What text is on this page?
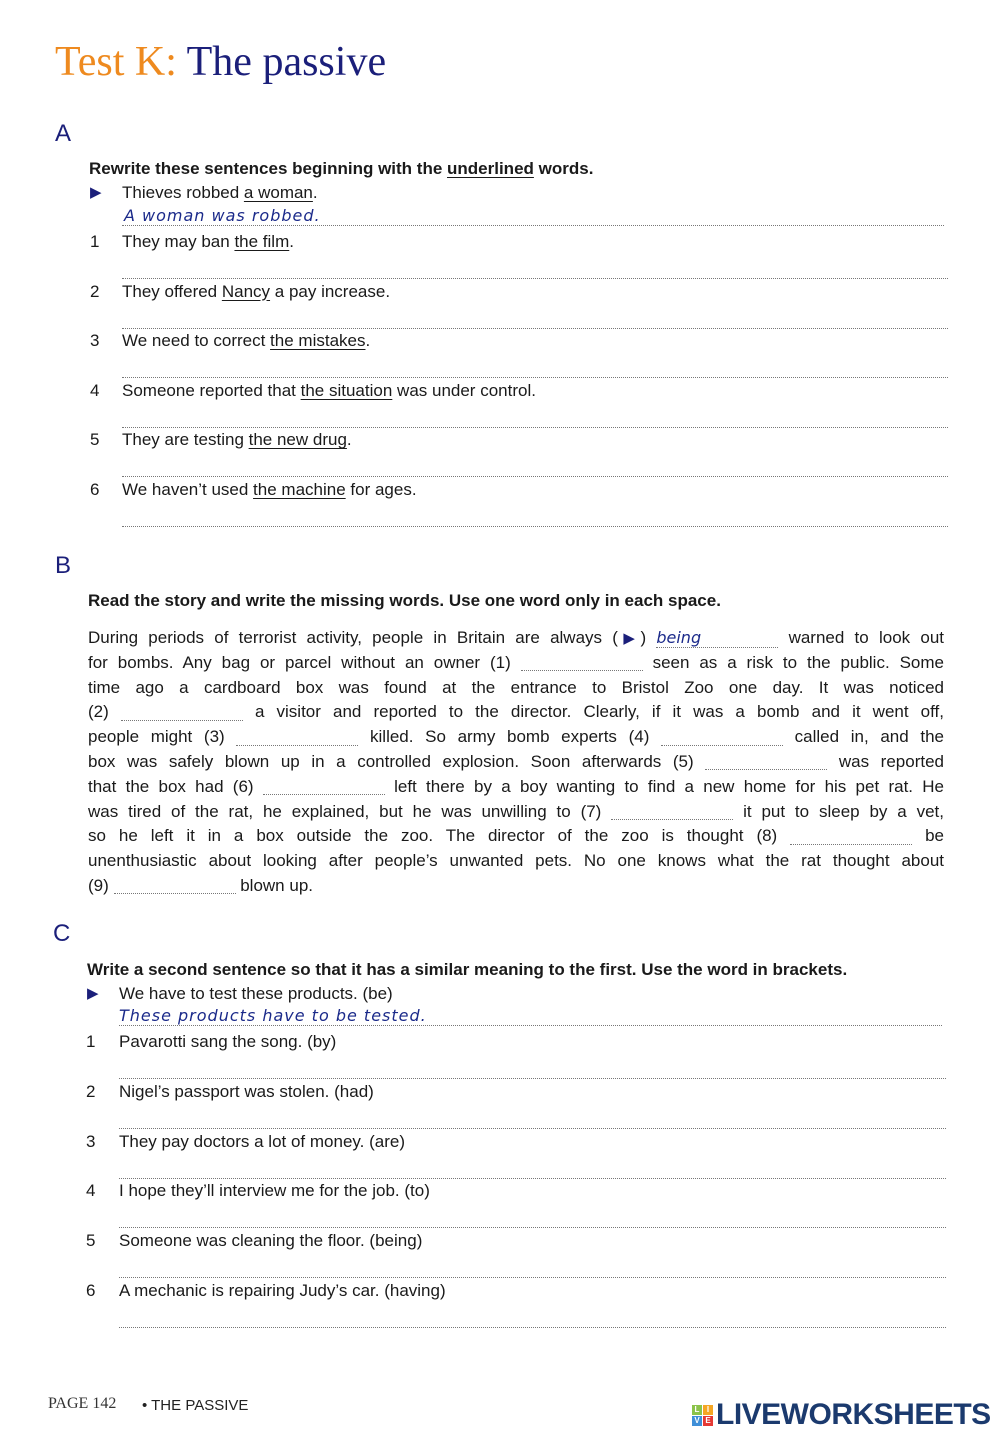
Test K: The passive
A
Rewrite these sentences beginning with the underlined words.
▶ Thieves robbed a woman.
A woman was robbed.
1 They may ban the film.
2 They offered Nancy a pay increase.
3 We need to correct the mistakes.
4 Someone reported that the situation was under control.
5 They are testing the new drug.
6 We haven’t used the machine for ages.
B
Read the story and write the missing words. Use one word only in each space.
During periods of terrorist activity, people in Britain are always (▶) being	warned to look out
for bombs. Any bag or parcel without an owner (1)	seen as a risk to the public. Some
time ago a cardboard box was found at the entrance to Bristol Zoo one day. It was noticed
(2)	a visitor and reported to the director. Clearly, if it was a bomb and it went off,
people might (3)	killed. So army bomb experts (4)	called in, and the
box was safely blown up in a controlled explosion. Soon afterwards (5)	was reported
that the box had (6)	left there by a boy wanting to find a new home for his pet rat. He
was tired of the rat, he explained, but he was unwilling to (7)	it put to sleep by a vet,
so he left it in a box outside the zoo. The director of the zoo is thought (8)	be
unenthusiastic about looking after people’s unwanted pets. No one knows what the rat thought about
(9)	blown up.
C
Write a second sentence so that it has a similar meaning to the first. Use the word in brackets.
▶ We have to test these products. (be)
These products have to be tested.
1 Pavarotti sang the song. (by)
2 Nigel’s passport was stolen. (had)
3 They pay doctors a lot of money. (are)
4 I hope they’ll interview me for the job. (to)
5 Someone was cleaning the floor. (being)
6 A mechanic is repairing Judy’s car. (having)
PAGE 142 • THE PASSIVE	L I
V E LIVEWORKSHEETS
